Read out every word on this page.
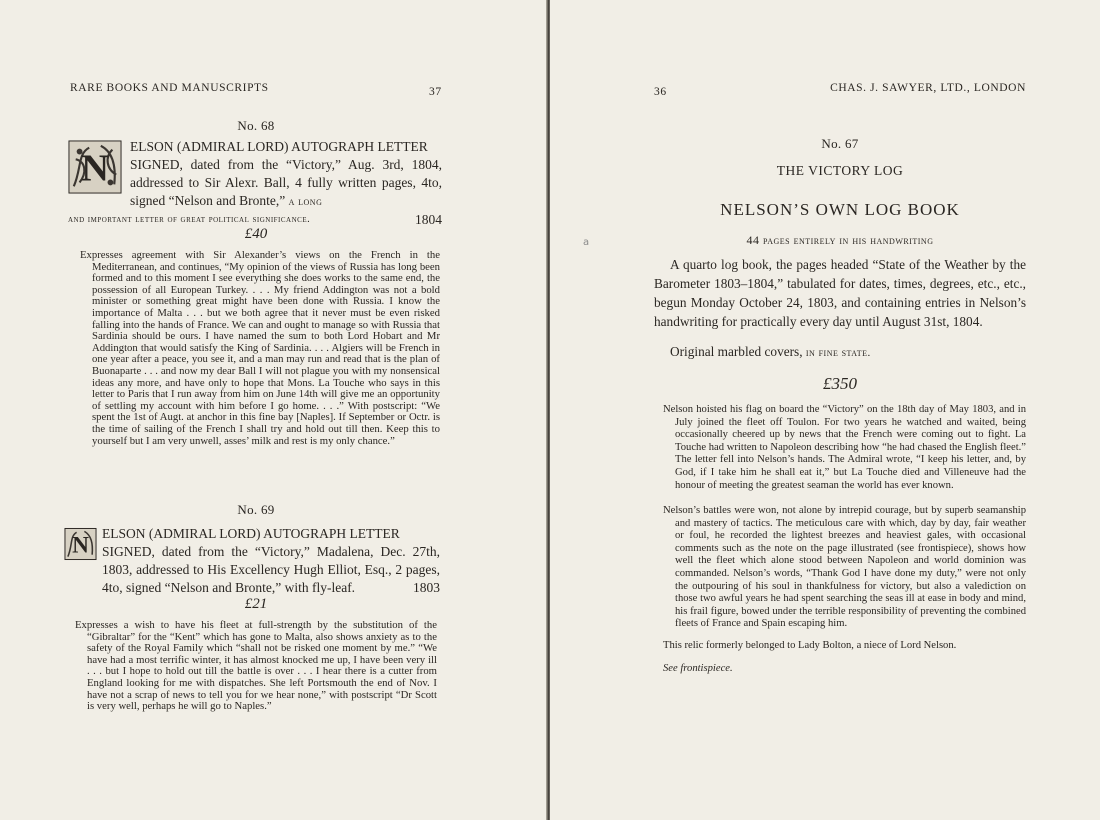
RARE BOOKS AND MANUSCRIPTS	37
No. 68
N
ELSON (ADMIRAL LORD) AUTOGRAPH LETTER
SIGNED, dated from the “Victory,” Aug. 3rd, 1804, addressed to Sir Alexr. Ball, 4 fully written pages, 4to, signed “Nelson and Bronte,” a long
and important letter of great political significance.	1804
£40

Expresses agreement with Sir Alexander’s views on the French in the Mediterranean, and continues, “My opinion of the views of Russia has long been formed and to this moment I see everything she does works to the same end, the possession of all European Turkey. . . . My friend Addington was not a bold minister or something great might have been done with Russia. I know the importance of Malta . . . but we both agree that it never must be even risked falling into the hands of France. We can and ought to manage so with Russia that Sardinia should be ours. I have named the sum to both Lord Hobart and Mr Addington that would satisfy the King of Sardinia. . . . Algiers will be French in one year after a peace, you see it, and a man may run and read that is the plan of Buonaparte . . . and now my dear Ball I will not plague you with my nonsensical ideas any more, and have only to hope that Mons. La Touche who says in this letter to Paris that I run away from him on June 14th will give me an opportunity of settling my account with him before I go home. . . .” With postscript: “We spent the 1st of Augt. at anchor in this fine bay [Naples]. If September or Octr. is the time of sailing of the French I shall try and hold out till then. Keep this to yourself but I am very unwell, asses’ milk and rest is my only chance.”

No. 69
N ELSON (ADMIRAL LORD) AUTOGRAPH LETTER
SIGNED, dated from the “Victory,” Madalena, Dec. 27th, 1803, addressed to His Excellency Hugh Elliot, Esq., 2 pages, 4to, signed “Nelson and Bronte,” with fly-leaf.	1803
£21

Expresses a wish to have his fleet at full-strength by the substitution of the “Gibraltar” for the “Kent” which has gone to Malta, also shows anxiety as to the safety of the Royal Family which “shall not be risked one moment by me.” “We have had a most terrific winter, it has almost knocked me up, I have been very ill . . . but I hope to hold out till the battle is over . . . I hear there is a cutter from England looking for me with dispatches. She left Portsmouth the end of Nov. I have not a scrap of news to tell you for we hear none,” with postscript “Dr Scott is very well, perhaps he will go to Naples.”

36	CHAS. J. SAWYER, LTD., LONDON
No. 67
THE VICTORY LOG
NELSON’S OWN LOG BOOK
44 pages entirely in his handwriting
a
A quarto log book, the pages headed “State of the Weather by the Barometer 1803–1804,” tabulated for dates, times, degrees, etc., etc., begun Monday October 24, 1803, and containing entries in Nelson’s handwriting for practically every day until August 31st, 1804.
Original marbled covers, in fine state.
£350

Nelson hoisted his flag on board the “Victory” on the 18th day of May 1803, and in July joined the fleet off Toulon. For two years he watched and waited, being occasionally cheered up by news that the French were coming out to fight. La Touche had written to Napoleon describing how “he had chased the English fleet.” The letter fell into Nelson’s hands. The Admiral wrote, “I keep his letter, and, by God, if I take him he shall eat it,” but La Touche died and Villeneuve had the honour of meeting the greatest seaman the world has ever known.

Nelson’s battles were won, not alone by intrepid courage, but by superb seamanship and mastery of tactics. The meticulous care with which, day by day, fair weather or foul, he recorded the lightest breezes and heaviest gales, with occasional comments such as the note on the page illustrated (see frontispiece), shows how well the fleet which alone stood between Napoleon and world dominion was commanded. Nelson’s words, “Thank God I have done my duty,” were not only the outpouring of his soul in thankfulness for victory, but also a valediction on those two awful years he had spent searching the seas ill at ease in body and mind, his frail figure, bowed under the terrible responsibility of preventing the combined fleets of France and Spain escaping him.

This relic formerly belonged to Lady Bolton, a niece of Lord Nelson.
See frontispiece.
